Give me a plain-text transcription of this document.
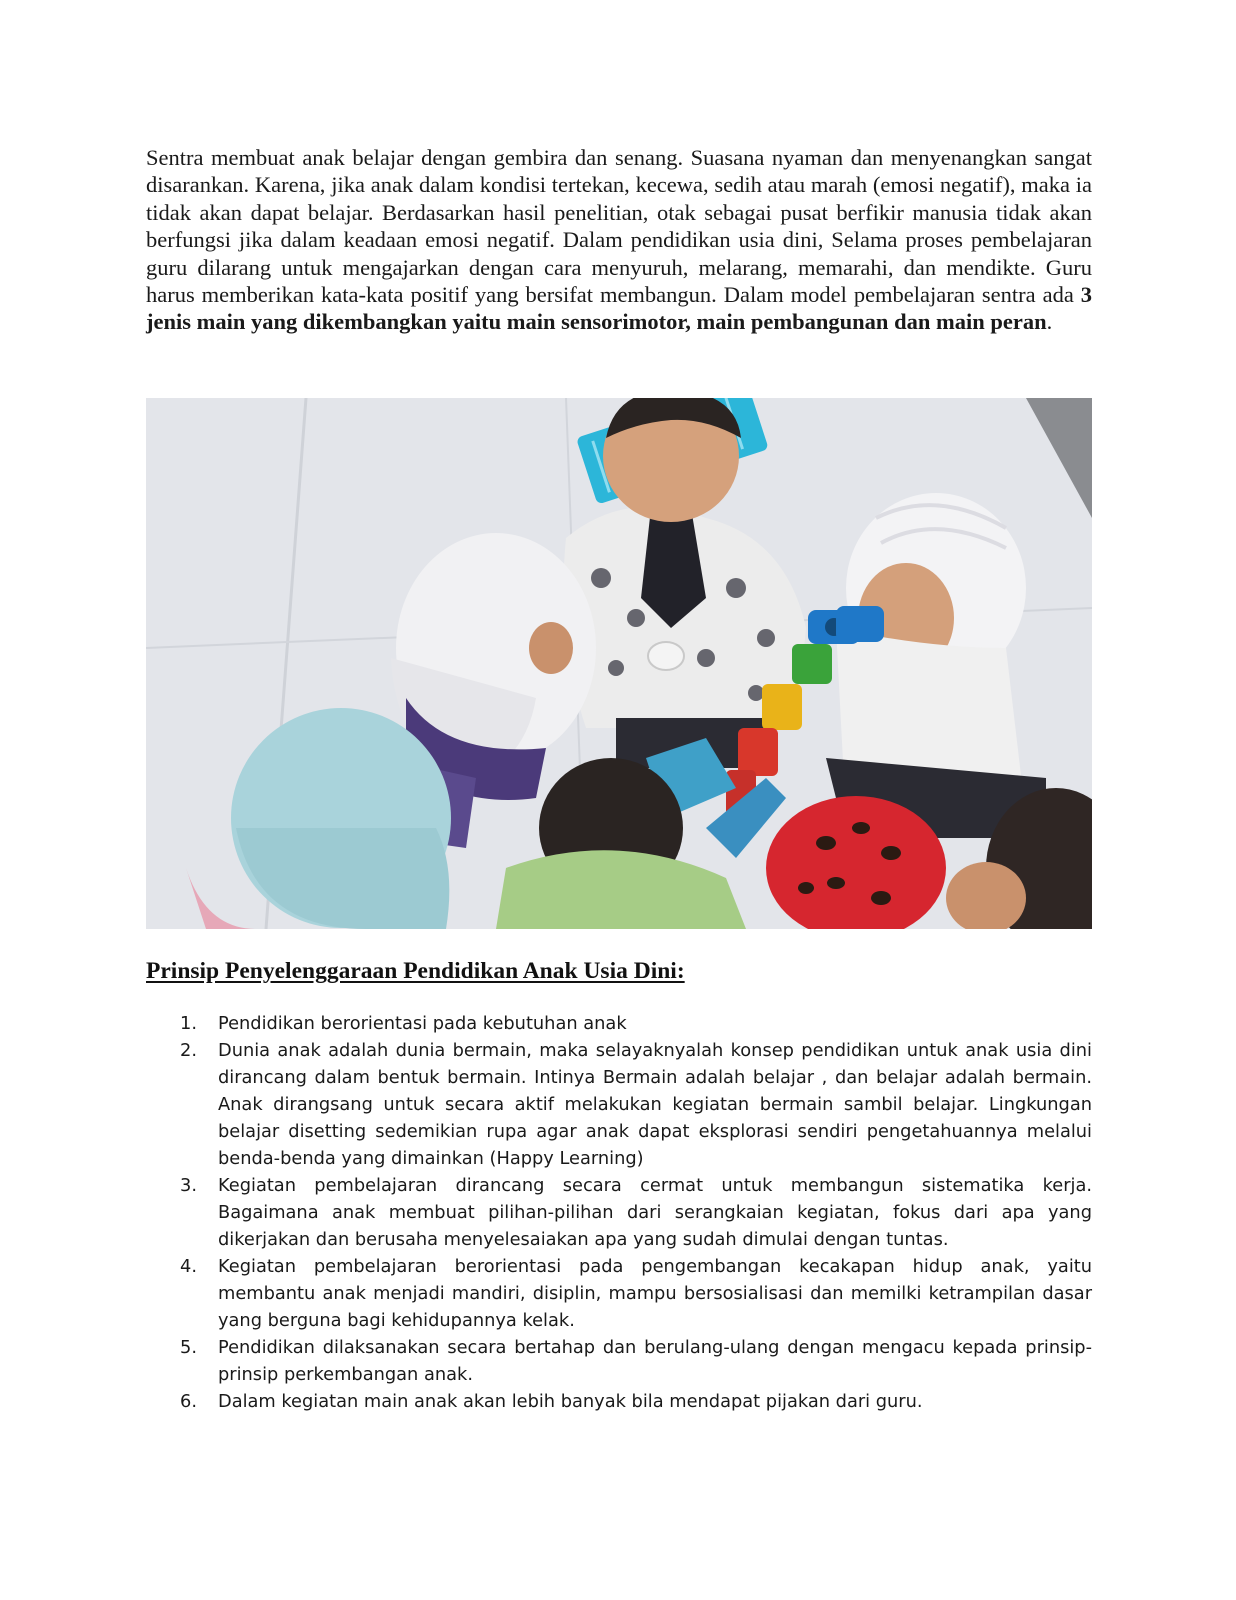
Sentra membuat anak belajar dengan gembira dan senang. Suasana nyaman dan menyenangkan sangat disarankan. Karena, jika anak dalam kondisi tertekan, kecewa, sedih atau marah (emosi negatif), maka ia tidak akan dapat belajar. Berdasarkan hasil penelitian, otak sebagai pusat berfikir manusia tidak akan berfungsi jika dalam keadaan emosi negatif. Dalam pendidikan usia dini, Selama proses pembelajaran guru dilarang untuk mengajarkan dengan cara menyuruh, melarang, memarahi, dan mendikte. Guru harus memberikan kata-kata positif yang bersifat membangun. Dalam model pembelajaran sentra ada 3 jenis main yang dikembangkan yaitu main sensorimotor, main pembangunan dan main peran.

Prinsip Penyelenggaraan Pendidikan Anak Usia Dini:
1. Pendidikan berorientasi pada kebutuhan anak
2. Dunia anak adalah dunia bermain, maka selayaknyalah konsep pendidikan untuk anak usia dini dirancang dalam bentuk bermain. Intinya Bermain adalah belajar , dan belajar adalah bermain. Anak dirangsang untuk secara aktif melakukan kegiatan bermain sambil belajar. Lingkungan belajar disetting sedemikian rupa agar anak dapat eksplorasi sendiri pengetahuannya melalui benda-benda yang dimainkan (Happy Learning)
3. Kegiatan pembelajaran dirancang secara cermat untuk membangun sistematika kerja. Bagaimana anak membuat pilihan-pilihan dari serangkaian kegiatan, fokus dari apa yang dikerjakan dan berusaha menyelesaiakan apa yang sudah dimulai dengan tuntas.
4. Kegiatan pembelajaran berorientasi pada pengembangan kecakapan hidup anak, yaitu membantu anak menjadi mandiri, disiplin, mampu bersosialisasi dan memilki ketrampilan dasar yang berguna bagi kehidupannya kelak.
5. Pendidikan dilaksanakan secara bertahap dan berulang-ulang dengan mengacu kepada prinsip-prinsip perkembangan anak.
6. Dalam kegiatan main anak akan lebih banyak bila mendapat pijakan dari guru.
